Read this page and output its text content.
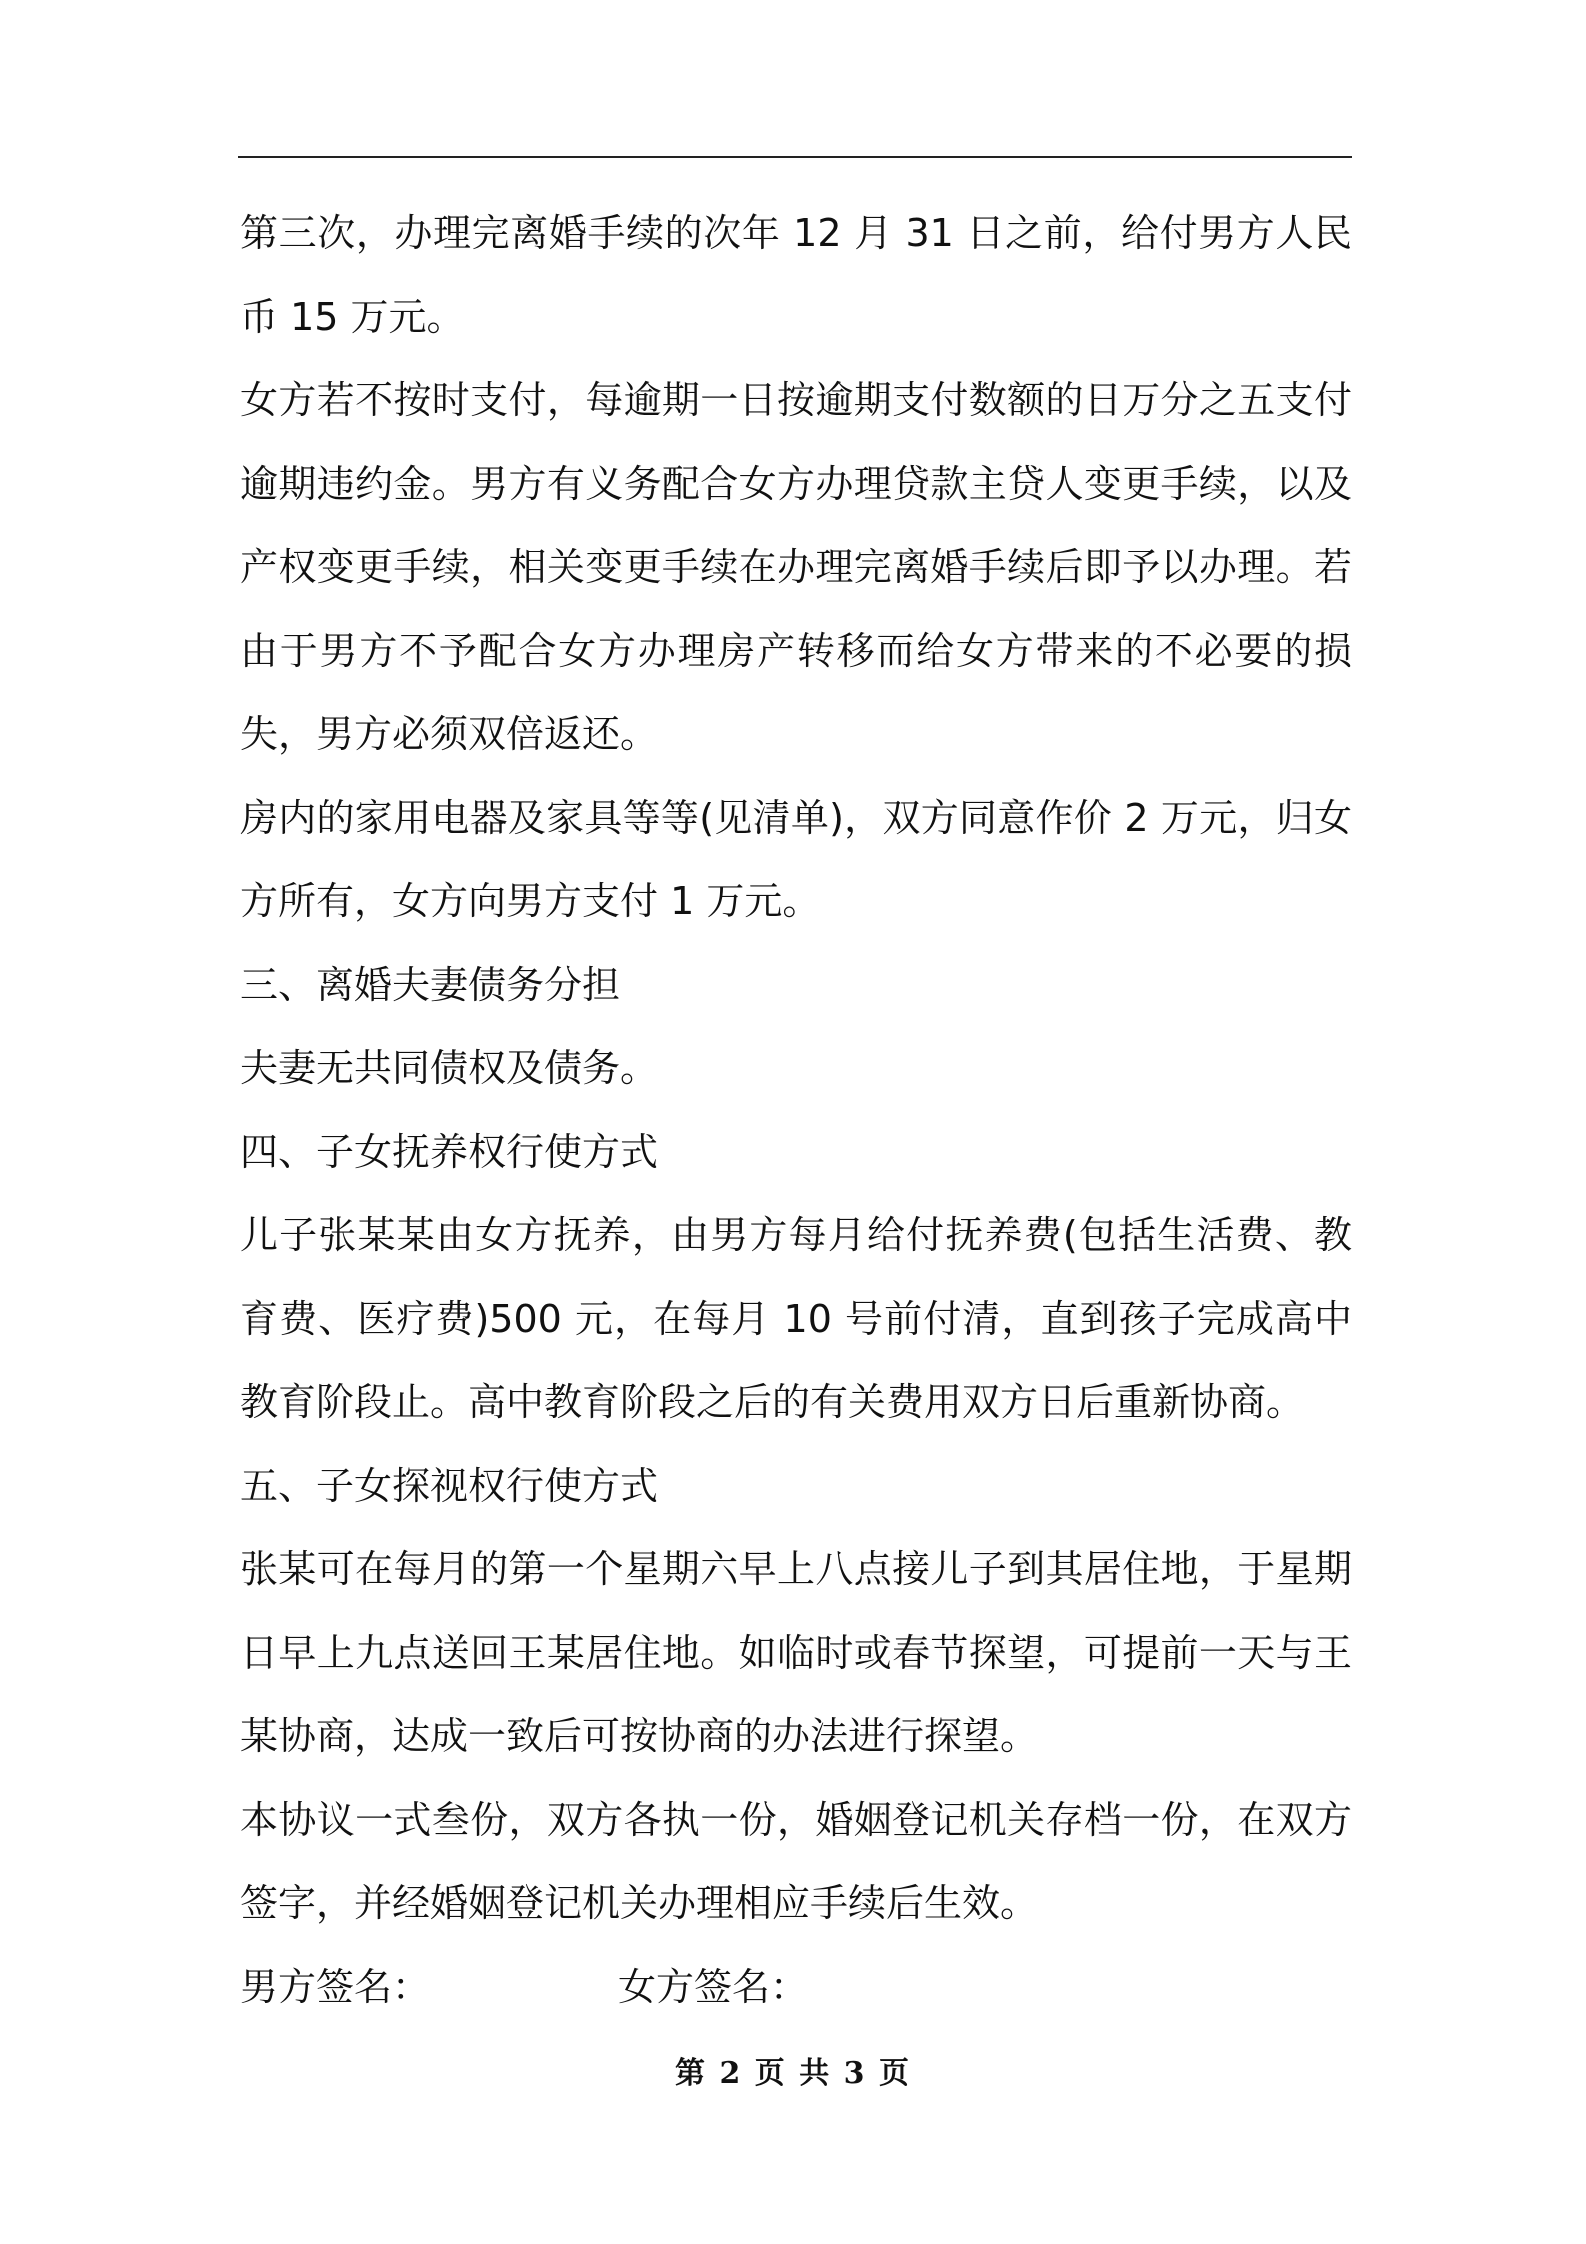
第三次，办理完离婚手续的次年 12 月 31 日之前，给付男方人民币 15 万元。

女方若不按时支付，每逾期一日按逾期支付数额的日万分之五支付逾期违约金。男方有义务配合女方办理贷款主贷人变更手续，以及产权变更手续，相关变更手续在办理完离婚手续后即予以办理。若由于男方不予配合女方办理房产转移而给女方带来的不必要的损失，男方必须双倍返还。

房内的家用电器及家具等等(见清单)，双方同意作价 2 万元，归女方所有，女方向男方支付 1 万元。

三、离婚夫妻债务分担

夫妻无共同债权及债务。

四、子女抚养权行使方式

儿子张某某由女方抚养，由男方每月给付抚养费(包括生活费、教育费、医疗费)500 元，在每月 10 号前付清，直到孩子完成高中教育阶段止。高中教育阶段之后的有关费用双方日后重新协商。

五、子女探视权行使方式

张某可在每月的第一个星期六早上八点接儿子到其居住地，于星期日早上九点送回王某居住地。如临时或春节探望，可提前一天与王某协商，达成一致后可按协商的办法进行探望。

本协议一式叁份，双方各执一份，婚姻登记机关存档一份，在双方签字，并经婚姻登记机关办理相应手续后生效。

男方签名：	女方签名：
第 2 页 共 3 页
